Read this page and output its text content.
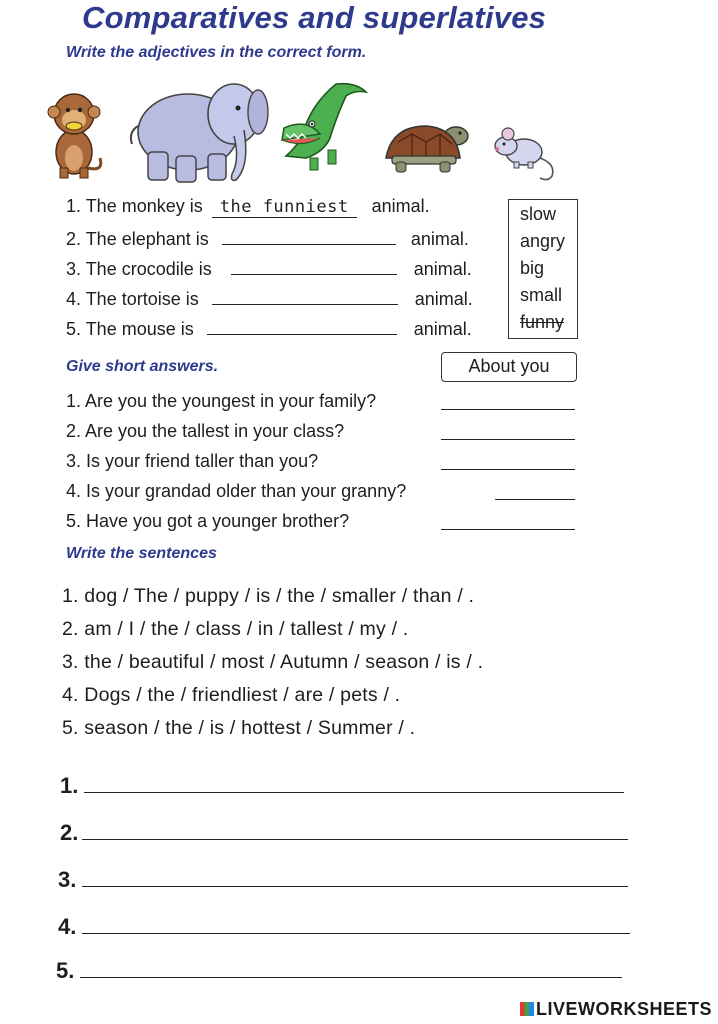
Comparatives and superlatives
Write the adjectives in the correct form.
1. The monkey is the funniest animal.
2. The elephant is	animal.
3. The crocodile is	animal.
4. The tortoise is	animal.
5. The mouse is	animal.
slow
angry
big
small
funny
Give short answers.	About you
1. Are you the youngest in your family?
2. Are you the tallest in your class?
3. Is your friend taller than you?
4. Is your grandad older than your granny?
5. Have you got a younger brother?
Write the sentences
1. dog / The / puppy / is / the / smaller / than / .
2. am / I / the / class / in / tallest / my / .
3. the / beautiful / most / Autumn / season / is / .
4. Dogs / the / friendliest / are / pets / .
5. season / the / is / hottest / Summer / .
1.
2.
3.
4.
5.
LIVEWORKSHEETS
